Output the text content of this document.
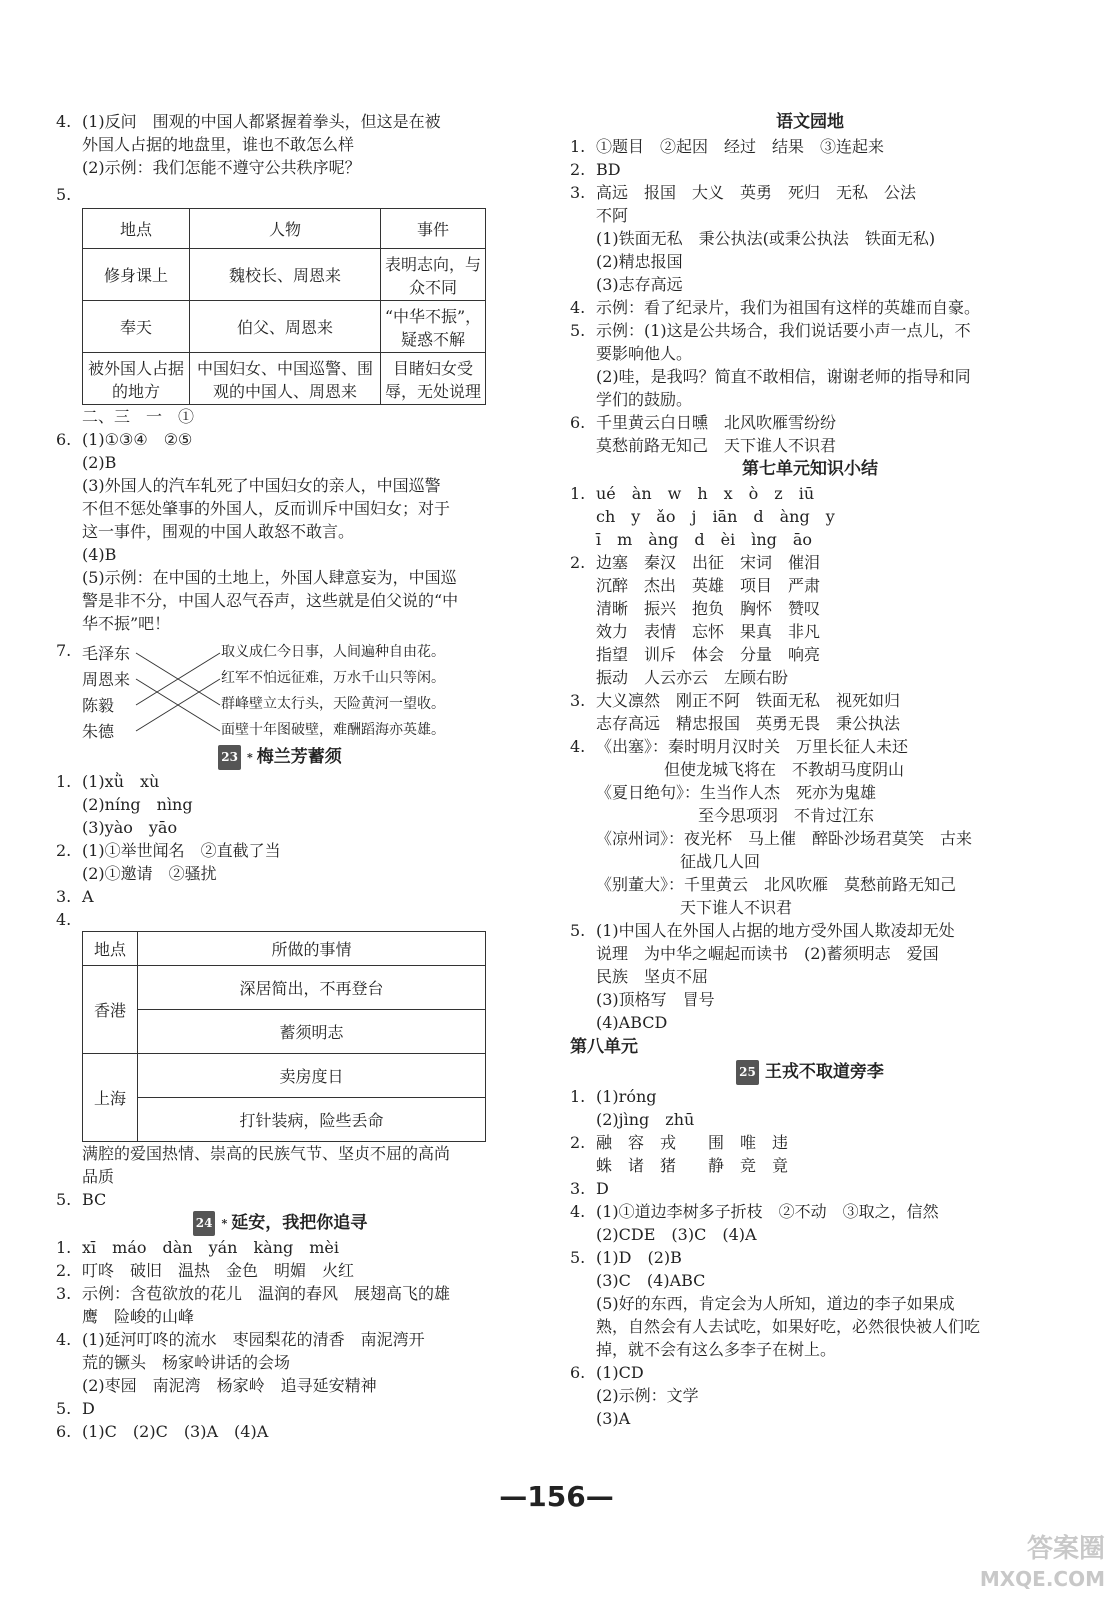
4. (1)反问　围观的中国人都紧握着拳头，但这是在被
外国人占据的地盘里，谁也不敢怎么样
(2)示例：我们怎能不遵守公共秩序呢？
5.
地点	人物	事件
修身课上	魏校长、周恩来	表明志向，与众不同
奉天	伯父、周恩来	“中华不振”，疑惑不解
被外国人占据的地方	中国妇女、中国巡警、围观的中国人、周恩来	目睹妇女受辱，无处说理
二、三　一　①
6. (1)①③④　②⑤
(2)B
(3)外国人的汽车轧死了中国妇女的亲人，中国巡警
不但不惩处肇事的外国人，反而训斥中国妇女；对于
这一事件，围观的中国人敢怒不敢言。
(4)B
(5)示例：在中国的土地上，外国人肆意妄为，中国巡
警是非不分，中国人忍气吞声，这些就是伯父说的“中
华不振”吧！
7. 毛泽东
周恩来
陈毅
朱德
取义成仁今日事，人间遍种自由花。
红军不怕远征难，万水千山只等闲。
群峰壁立太行头，天险黄河一望收。
面壁十年图破壁，难酬蹈海亦英雄。
23 * 梅兰芳蓄须
1. (1)xǜ　xù
(2)níng　nìng
(3)yào　yāo
2. (1)①举世闻名　②直截了当
(2)①邀请　②骚扰
3. A
4.
地点	所做的事情
香港	深居简出，不再登台
	蓄须明志
上海	卖房度日
	打针装病，险些丢命
满腔的爱国热情、崇高的民族气节、坚贞不屈的高尚
品质
5. BC
24 * 延安，我把你追寻
1. xī　máo　dàn　yán　kàng　mèi
2. 叮咚　破旧　温热　金色　明媚　火红
3. 示例：含苞欲放的花儿　温润的春风　展翅高飞的雄
鹰　险峻的山峰
4. (1)延河叮咚的流水　枣园梨花的清香　南泥湾开
荒的镢头　杨家岭讲话的会场
(2)枣园　南泥湾　杨家岭　追寻延安精神
5. D
6. (1)C　(2)C　(3)A　(4)A
语文园地
1. ①题目　②起因　经过　结果　③连起来
2. BD
3. 高远　报国　大义　英勇　死归　无私　公法
不阿
(1)铁面无私　秉公执法(或秉公执法　铁面无私)
(2)精忠报国
(3)志存高远
4. 示例：看了纪录片，我们为祖国有这样的英雄而自豪。
5. 示例：(1)这是公共场合，我们说话要小声一点儿，不
要影响他人。
(2)哇，是我吗？简直不敢相信，谢谢老师的指导和同
学们的鼓励。
6. 千里黄云白日曛　北风吹雁雪纷纷
莫愁前路无知己　天下谁人不识君
第七单元知识小结
1. ué　àn　w　h　x　ò　z　iū
ch　y　ǎo　j　iān　d　àng　y
ī　m　àng　d　èi　ìng　āo
2. 边塞　秦汉　出征　宋词　催泪
沉醉　杰出　英雄　项目　严肃
清晰　振兴　抱负　胸怀　赞叹
效力　表情　忘怀　果真　非凡
指望　训斥　体会　分量　响亮
振动　人云亦云　左顾右盼
3. 大义凛然　刚正不阿　铁面无私　视死如归
志存高远　精忠报国　英勇无畏　秉公执法
4. 《出塞》：秦时明月汉时关　万里长征人未还
但使龙城飞将在　不教胡马度阴山
《夏日绝句》：生当作人杰　死亦为鬼雄
至今思项羽　不肯过江东
《凉州词》：夜光杯　马上催　醉卧沙场君莫笑　古来
征战几人回
《别董大》：千里黄云　北风吹雁　莫愁前路无知己
天下谁人不识君
5. (1)中国人在外国人占据的地方受外国人欺凌却无处
说理　为中华之崛起而读书　(2)蓄须明志　爱国
民族　坚贞不屈
(3)顶格写　冒号
(4)ABCD
第八单元
25 王戎不取道旁李
1. (1)róng
(2)jìng　zhū
2. 融　容　戎　　围　唯　违
蛛　诸　猪　　静　竞　竟
3. D
4. (1)①道边李树多子折枝　②不动　③取之，信然
(2)CDE　(3)C　(4)A
5. (1)D　(2)B
(3)C　(4)ABC
(5)好的东西，肯定会为人所知，道边的李子如果成
熟，自然会有人去试吃，如果好吃，必然很快被人们吃
掉，就不会有这么多李子在树上。
6. (1)CD
(2)示例：文学
(3)A
—156—
答案圈
MXQE.COM
